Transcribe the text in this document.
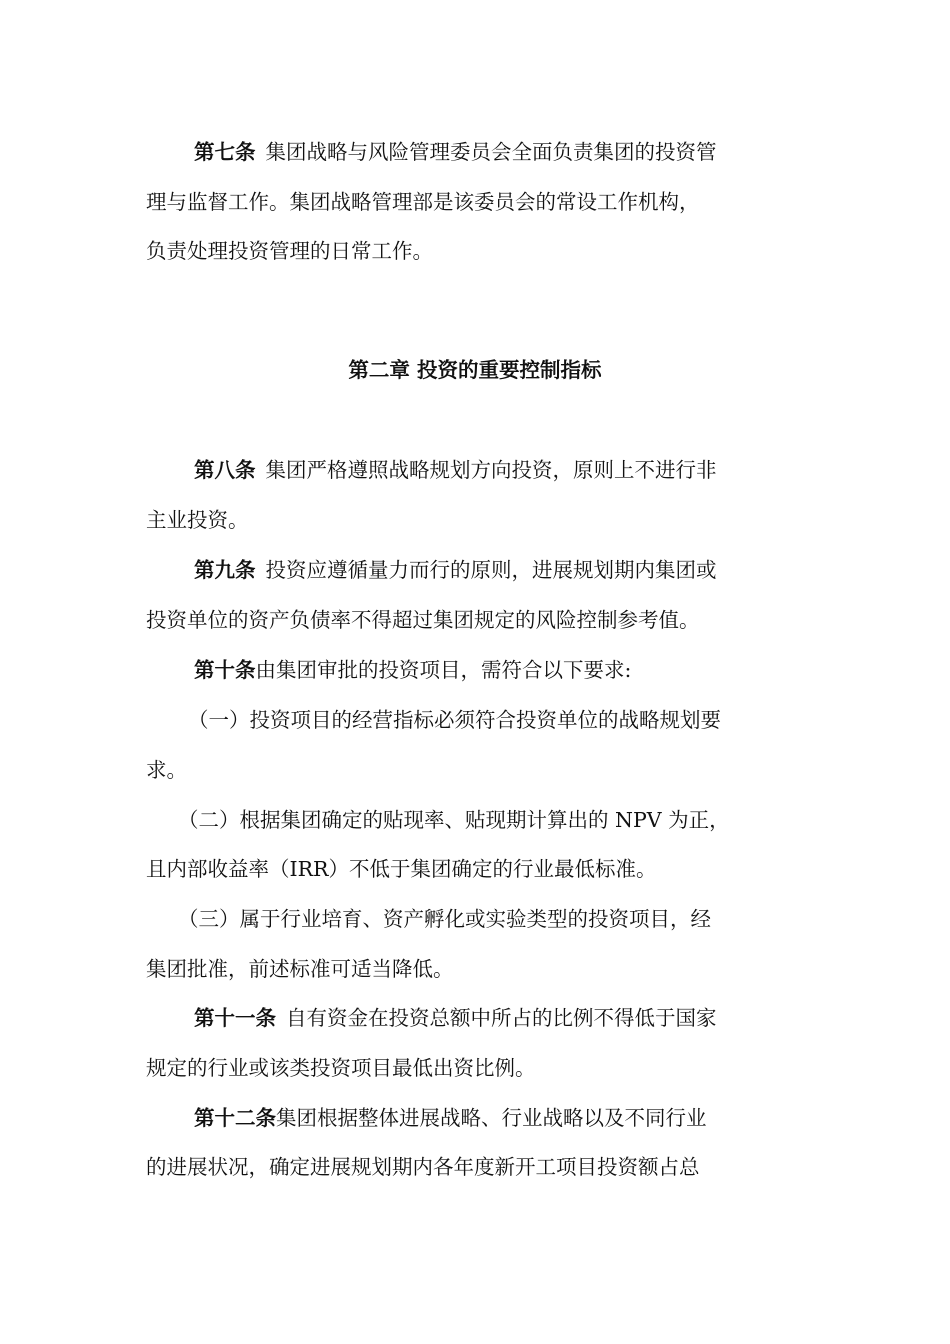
第七条 集团战略与风险管理委员会全面负责集团的投资管
理与监督工作。集团战略管理部是该委员会的常设工作机构，
负责处理投资管理的日常工作。
第二章 投资的重要控制指标
第八条 集团严格遵照战略规划方向投资，原则上不进行非
主业投资。
第九条 投资应遵循量力而行的原则，进展规划期内集团或
投资单位的资产负债率不得超过集团规定的风险控制参考值。
第十条由集团审批的投资项目，需符合以下要求:
（一）投资项目的经营指标必须符合投资单位的战略规划要
求。
（二）根据集团确定的贴现率、贴现期计算出的 NPV 为正，
且内部收益率（IRR）不低于集团确定的行业最低标准。
（三）属于行业培育、资产孵化或实验类型的投资项目，经
集团批准，前述标准可适当降低。
第十一条 自有资金在投资总额中所占的比例不得低于国家
规定的行业或该类投资项目最低出资比例。
第十二条集团根据整体进展战略、行业战略以及不同行业
的进展状况，确定进展规划期内各年度新开工项目投资额占总
